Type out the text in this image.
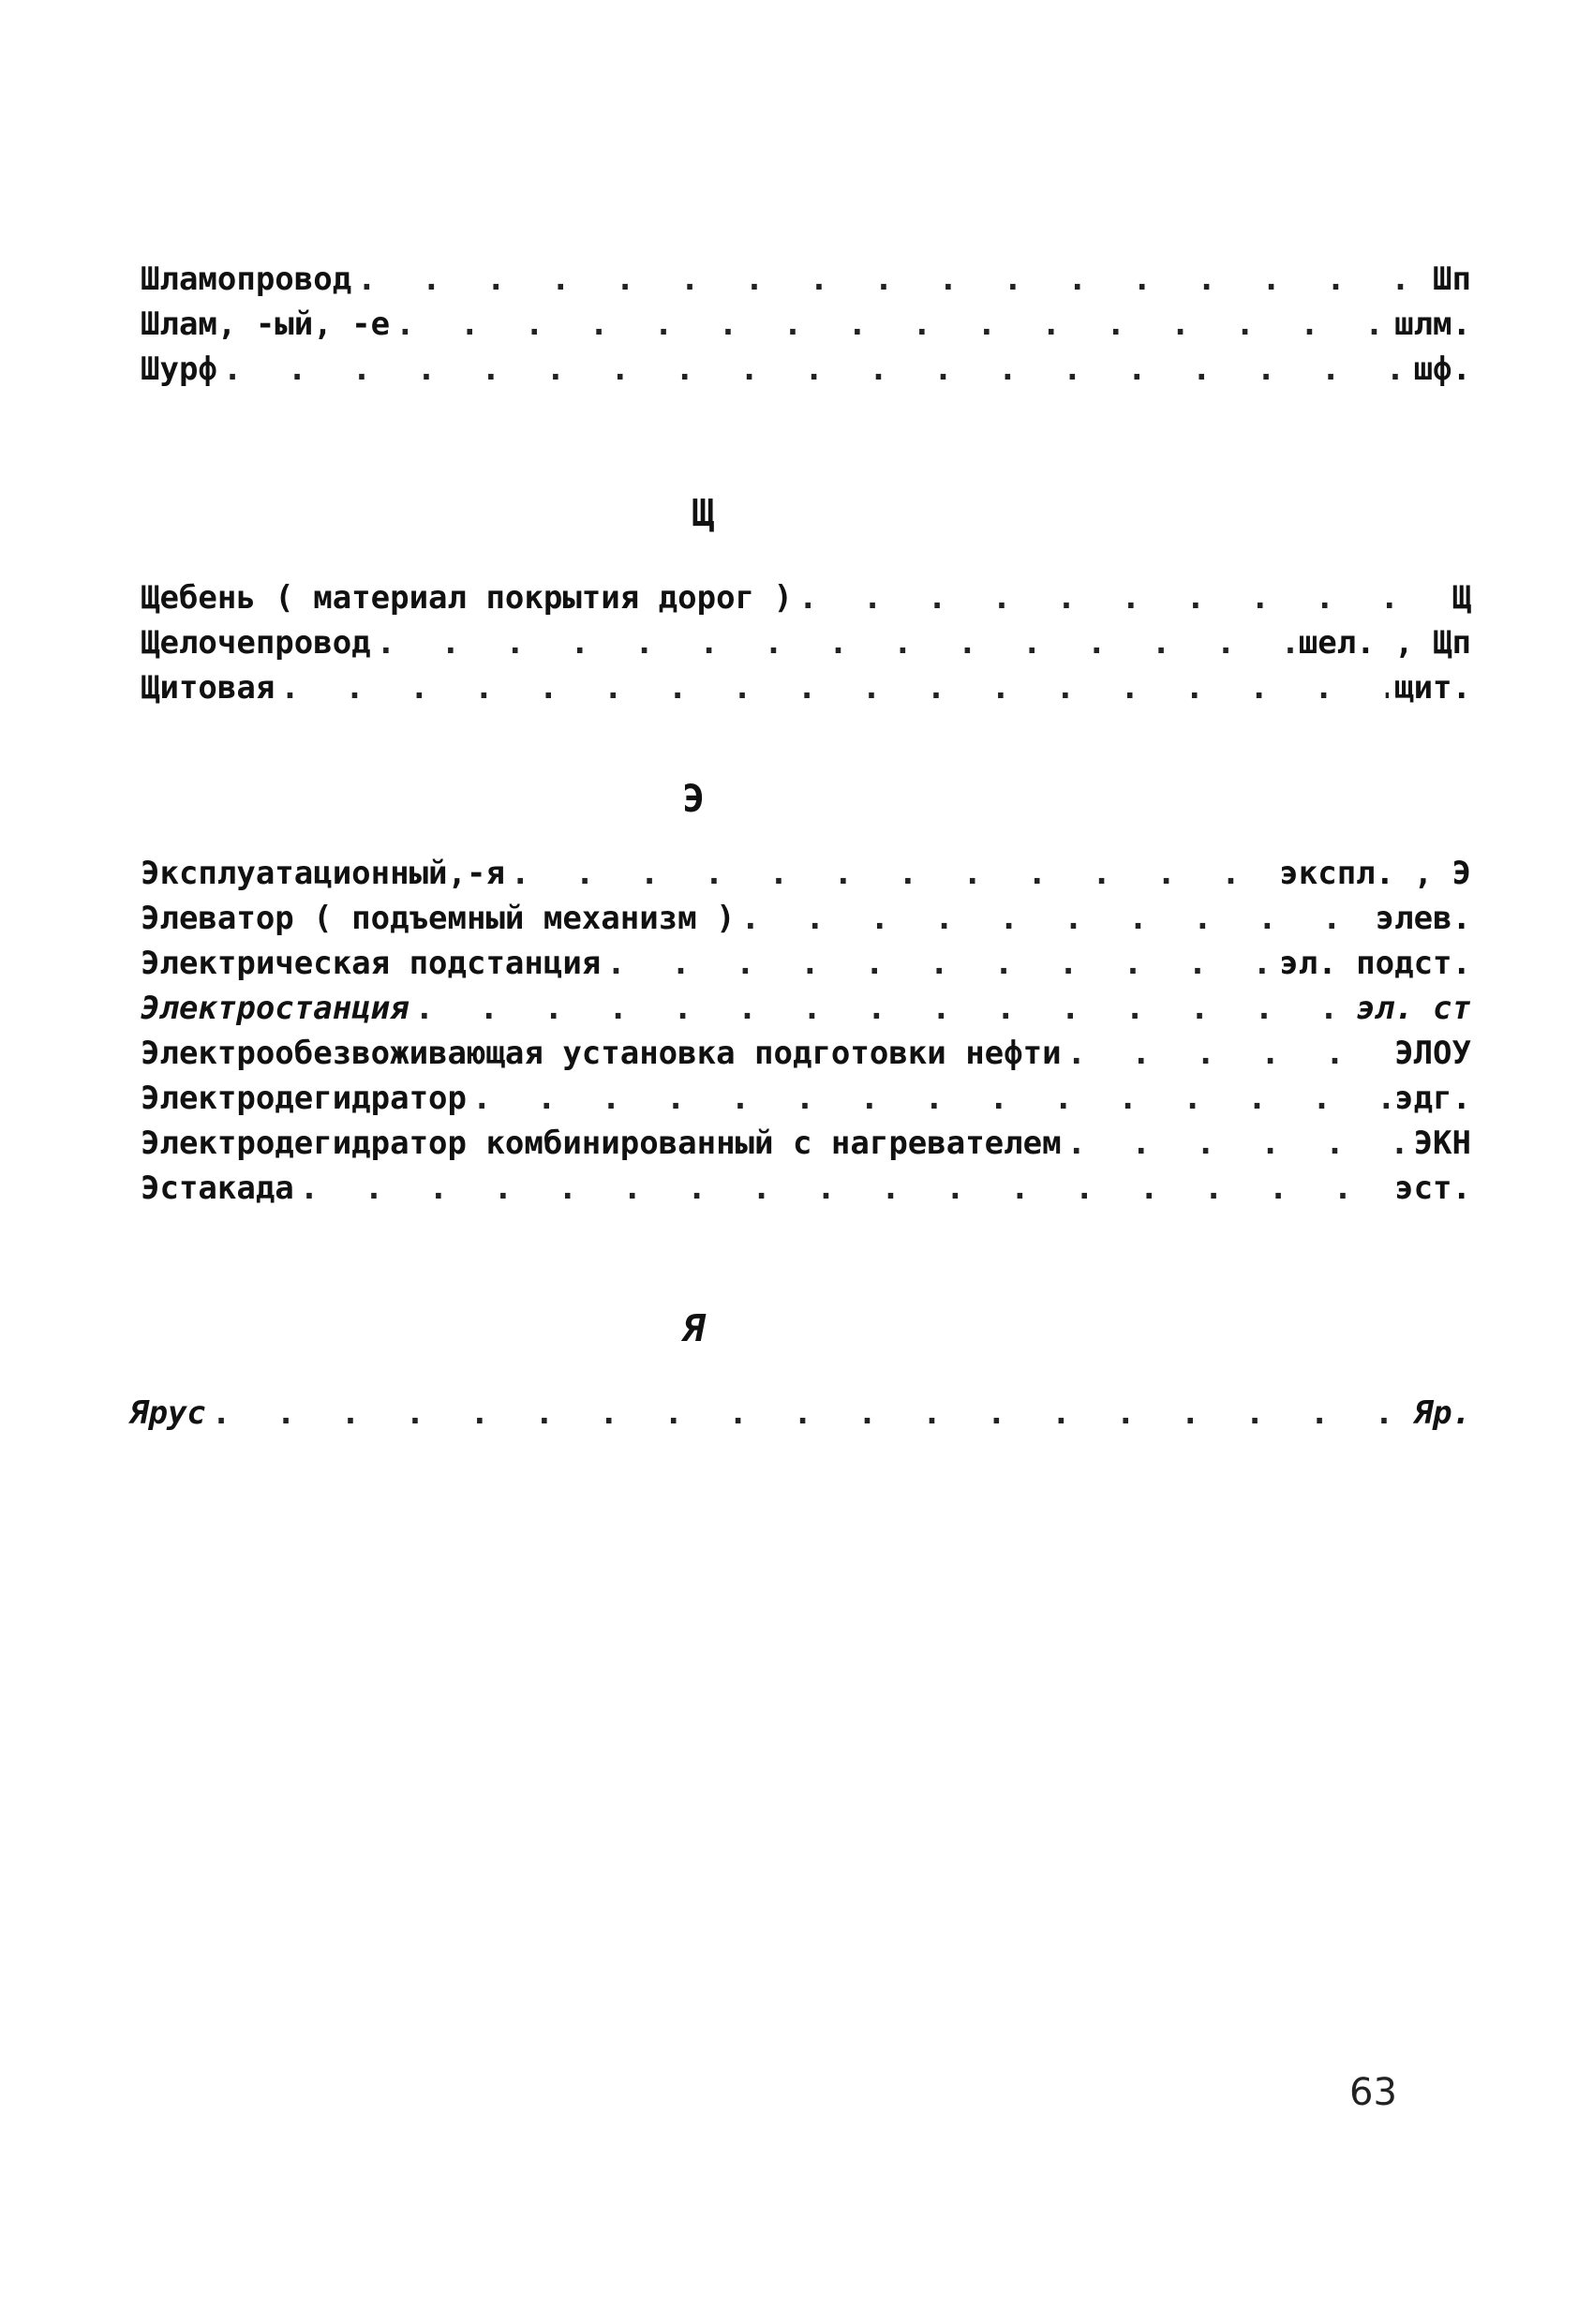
Шламопровод . . .	Шп
Шлам, -ый, -е . . .	шлм.
Шурф . . .	шф.
Щ
Щебень ( материал покрытия дорог ) . . .	Щ
Щелочепровод . . .	шел. , Щп
Щитовая . . .	щит.
Э
Эксплуатационный,-я . . .	экспл. , Э
Элеватор ( подъемный механизм ) . . .	элев.
Электрическая подстанция . . .	эл. подст.
Электростанция . . .	эл. ст
Электрообезвоживающая установка подготовки нефти . . .	ЭЛОУ
Электродегидратор . . .	эдг.
Электродегидратор комбинированный с нагревателем . . .	ЭКН
Эстакада . . .	эст.
Я
Ярус . . .	Яр.
63
